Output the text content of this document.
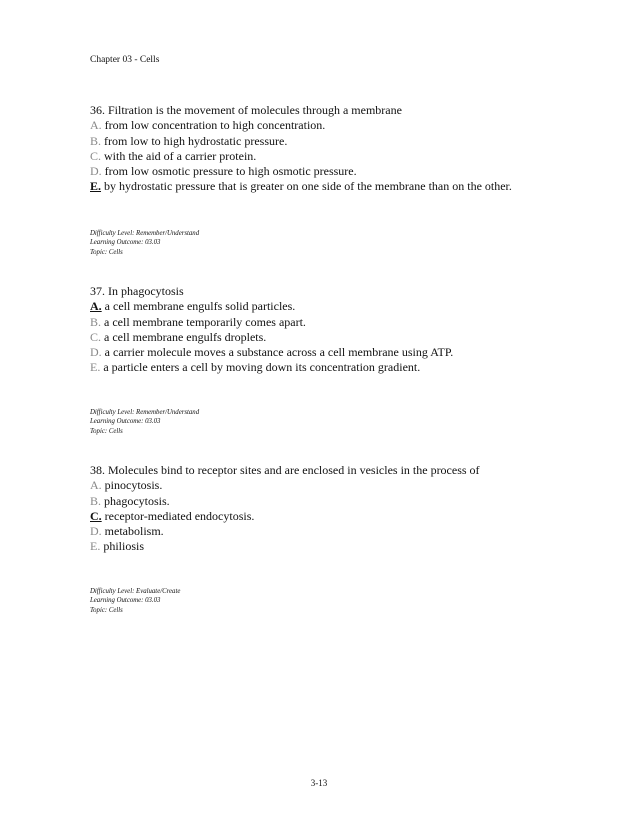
Chapter 03 - Cells
36. Filtration is the movement of molecules through a membrane
A. from low concentration to high concentration.
B. from low to high hydrostatic pressure.
C. with the aid of a carrier protein.
D. from low osmotic pressure to high osmotic pressure.
E. by hydrostatic pressure that is greater on one side of the membrane than on the other.
Difficulty Level: Remember/Understand
Learning Outcome: 03.03
Topic: Cells
37. In phagocytosis
A. a cell membrane engulfs solid particles.
B. a cell membrane temporarily comes apart.
C. a cell membrane engulfs droplets.
D. a carrier molecule moves a substance across a cell membrane using ATP.
E. a particle enters a cell by moving down its concentration gradient.
Difficulty Level: Remember/Understand
Learning Outcome: 03.03
Topic: Cells
38. Molecules bind to receptor sites and are enclosed in vesicles in the process of
A. pinocytosis.
B. phagocytosis.
C. receptor-mediated endocytosis.
D. metabolism.
E. philiosis
Difficulty Level: Evaluate/Create
Learning Outcome: 03.03
Topic: Cells
3-13
